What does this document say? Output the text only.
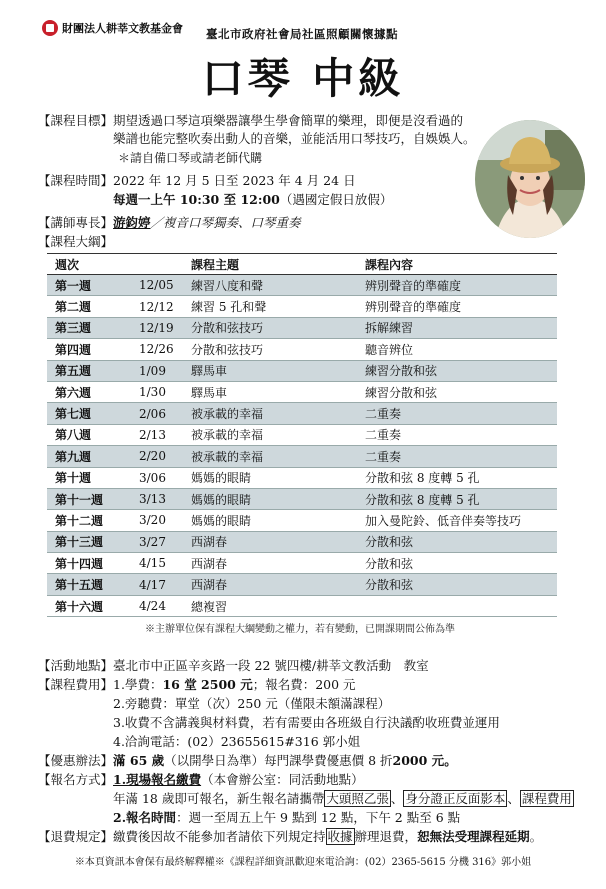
財團法人耕莘文教基金會 臺北市政府社會局社區照顧關懷據點
口琴 中級
【課程目標】期望透過口琴這項樂器讓學生學會簡單的樂理，即便是沒看過的
樂譜也能完整吹奏出動人的音樂，並能活用口琴技巧，自娛娛人。
＊請自備口琴或請老師代購
【課程時間】2022 年 12 月 5 日至 2023 年 4 月 24 日
每週一上午 10:30 至 12:00（遇國定假日放假）
【講師專長】游鈞婷／複音口琴獨奏、口琴重奏
【課程大綱】
週次		課程主題	課程內容
第一週	12/05	練習八度和聲	辨別聲音的準確度
第二週	12/12	練習 5 孔和聲	辨別聲音的準確度
第三週	12/19	分散和弦技巧	拆解練習
第四週	12/26	分散和弦技巧	聽音辨位
第五週	1/09	驛馬車	練習分散和弦
第六週	1/30	驛馬車	練習分散和弦
第七週	2/06	被承載的幸福	二重奏
第八週	2/13	被承載的幸福	二重奏
第九週	2/20	被承載的幸福	二重奏
第十週	3/06	媽媽的眼睛	分散和弦 8 度轉 5 孔
第十一週	3/13	媽媽的眼睛	分散和弦 8 度轉 5 孔
第十二週	3/20	媽媽的眼睛	加入曼陀鈴、低音伴奏等技巧
第十三週	3/27	西湖春	分散和弦
第十四週	4/15	西湖春	分散和弦
第十五週	4/17	西湖春	分散和弦
第十六週	4/24	總複習	
※主辦單位保有課程大綱變動之權力，若有變動，已開課期間公佈為準
【活動地點】臺北市中正區辛亥路一段 22 號四樓/耕莘文教活動　教室
【課程費用】1.學費：16 堂 2500 元；報名費：200 元
2.旁聽費：單堂（次）250 元（僅限未額滿課程）
3.收費不含講義與材料費，若有需要由各班級自行決議酌收班費並運用
4.洽詢電話：(02）23655615#316 郭小姐
【優惠辦法】滿 65 歲（以開學日為準）每門課學費優惠價 8 折2000 元。
【報名方式】1.現場報名繳費（本會辦公室：同活動地點）
年滿 18 歲即可報名，新生報名請攜帶 大頭照乙張 、 身分證正反面影本 、 課程費用
2.報名時間：週一至周五上午 9 點到 12 點，下午 2 點至 6 點
【退費規定】繳費後因故不能參加者請依下列規定持 收據 辦理退費，恕無法受理課程延期。
※本頁資訊本會保有最終解釋權※《課程詳細資訊歡迎來電洽詢：(02）2365-5615 分機 316》郭小姐
